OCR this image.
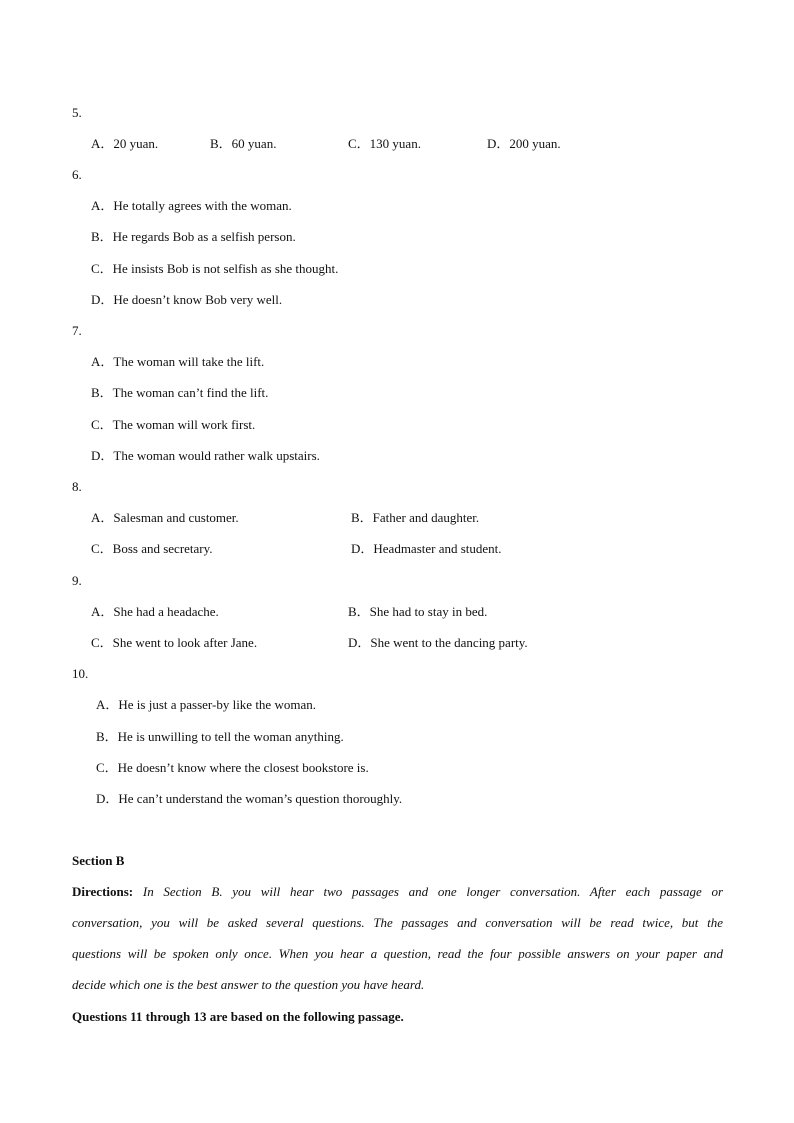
5.
A．20 yuan.	B．60 yuan.	C．130 yuan.	D．200 yuan.
6.
A．He totally agrees with the woman.
B．He regards Bob as a selfish person.
C．He insists Bob is not selfish as she thought.
D．He doesn’t know Bob very well.
7.
A．The woman will take the lift.
B．The woman can’t find the lift.
C．The woman will work first.
D．The woman would rather walk upstairs.
8.
A．Salesman and customer.	B．Father and daughter.
C．Boss and secretary.	D．Headmaster and student.
9.
A．She had a headache.	B．She had to stay in bed.
C．She went to look after Jane.	D．She went to the dancing party.
10.
A．He is just a passer-by like the woman.
B．He is unwilling to tell the woman anything.
C．He doesn’t know where the closest bookstore is.
D．He can’t understand the woman’s question thoroughly.
Section B
Directions: In Section B. you will hear two passages and one longer conversation. After each passage or
conversation, you will be asked several questions. The passages and conversation will be read twice, but the
questions will be spoken only once. When you hear a question, read the four possible answers on your paper and
decide which one is the best answer to the question you have heard.
Questions 11 through 13 are based on the following passage.
